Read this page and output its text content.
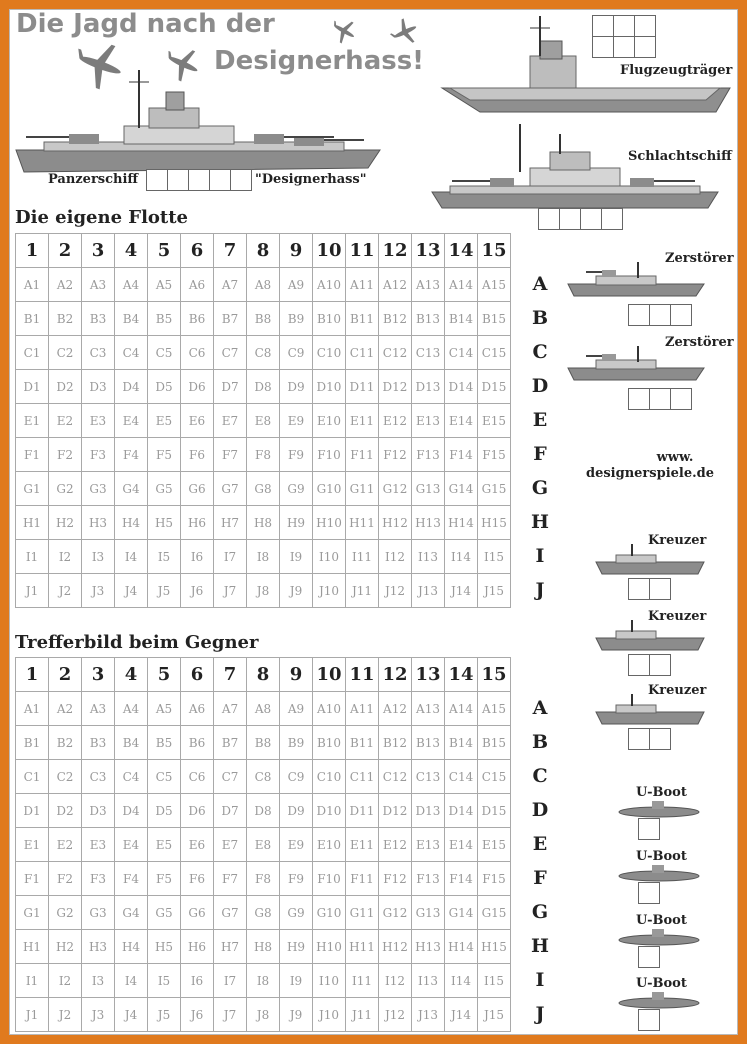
Die Jagd nach der
Designerhass!	Flugzeugträger
Schlachtschiff
Panzerschiff	"Designerhass"
Die eigene Flotte
1	2	3	4	5	6	7	8	9	10	11	12	13	14	15
A1	A2	A3	A4	A5	A6	A7	A8	A9	A10	A11	A12	A13	A14	A15
B1	B2	B3	B4	B5	B6	B7	B8	B9	B10	B11	B12	B13	B14	B15
C1	C2	C3	C4	C5	C6	C7	C8	C9	C10	C11	C12	C13	C14	C15
D1	D2	D3	D4	D5	D6	D7	D8	D9	D10	D11	D12	D13	D14	D15
E1	E2	E3	E4	E5	E6	E7	E8	E9	E10	E11	E12	E13	E14	E15
F1	F2	F3	F4	F5	F6	F7	F8	F9	F10	F11	F12	F13	F14	F15
G1	G2	G3	G4	G5	G6	G7	G8	G9	G10	G11	G12	G13	G14	G15
H1	H2	H3	H4	H5	H6	H7	H8	H9	H10	H11	H12	H13	H14	H15
I1	I2	I3	I4	I5	I6	I7	I8	I9	I10	I11	I12	I13	I14	I15
J1	J2	J3	J4	J5	J6	J7	J8	J9	J10	J11	J12	J13	J14	J15
A
B
C
D
E
F
G
H
I
J
Zerstörer
Zerstörer
www.
designerspiele.de
Kreuzer
Kreuzer
Trefferbild beim Gegner
1	2	3	4	5	6	7	8	9	10	11	12	13	14	15
A1	A2	A3	A4	A5	A6	A7	A8	A9	A10	A11	A12	A13	A14	A15
B1	B2	B3	B4	B5	B6	B7	B8	B9	B10	B11	B12	B13	B14	B15
C1	C2	C3	C4	C5	C6	C7	C8	C9	C10	C11	C12	C13	C14	C15
D1	D2	D3	D4	D5	D6	D7	D8	D9	D10	D11	D12	D13	D14	D15
E1	E2	E3	E4	E5	E6	E7	E8	E9	E10	E11	E12	E13	E14	E15
F1	F2	F3	F4	F5	F6	F7	F8	F9	F10	F11	F12	F13	F14	F15
G1	G2	G3	G4	G5	G6	G7	G8	G9	G10	G11	G12	G13	G14	G15
H1	H2	H3	H4	H5	H6	H7	H8	H9	H10	H11	H12	H13	H14	H15
I1	I2	I3	I4	I5	I6	I7	I8	I9	I10	I11	I12	I13	I14	I15
J1	J2	J3	J4	J5	J6	J7	J8	J9	J10	J11	J12	J13	J14	J15
A
B
C
D
E
F
G
H
I
J
Kreuzer
U-Boot
U-Boot
U-Boot
U-Boot
